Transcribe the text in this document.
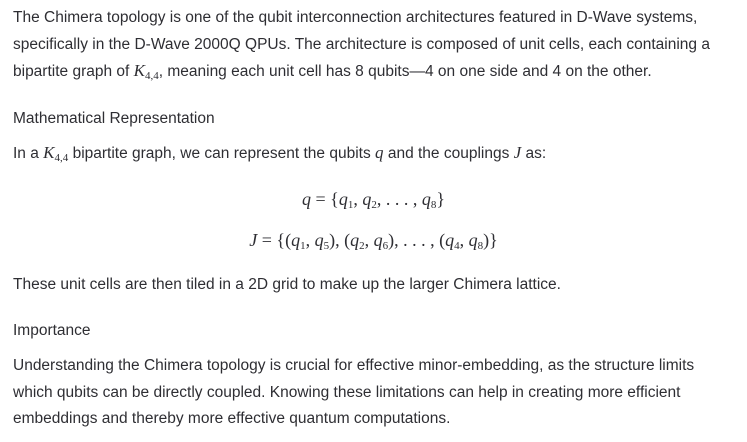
The Chimera topology is one of the qubit interconnection architectures featured in D-Wave systems,
specifically in the D-Wave 2000Q QPUs. The architecture is composed of unit cells, each containing a
bipartite graph of $K_{4,4}$, meaning each unit cell has 8 qubits—4 on one side and 4 on the other.
Mathematical Representation
In a $K_{4,4}$ bipartite graph, we can represent the qubits q and the couplings J as:
$q = \{q_1$, $q_2$, . . . , $q_8$}
$J = \{(q_1$, $q_5$), ($q_2$, $q_6$), . . . , ($q_4$, $q_8$)}
These unit cells are then tiled in a 2D grid to make up the larger Chimera lattice.
Importance
Understanding the Chimera topology is crucial for effective minor-embedding, as the structure limits
which qubits can be directly coupled. Knowing these limitations can help in creating more efficient
embeddings and thereby more effective quantum computations.
